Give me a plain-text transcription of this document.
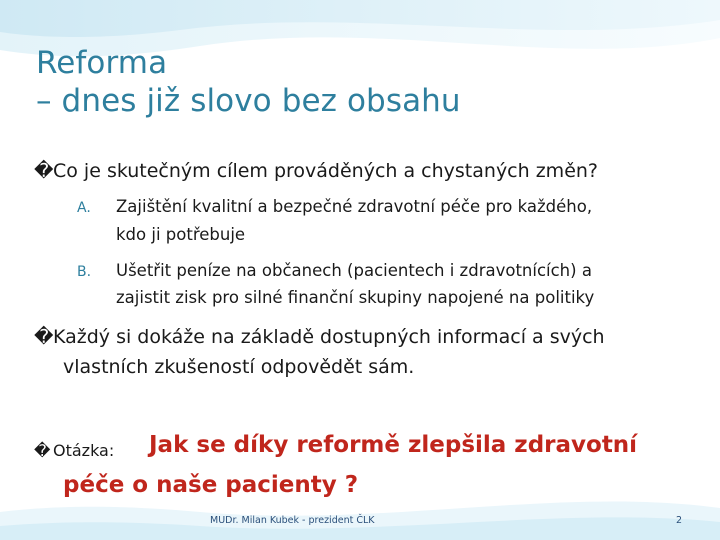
Reforma
– dnes již slovo bez obsahu
� Co je skutečným cílem prováděných a chystaných změn?
A. Zajištění kvalitní a bezpečné zdravotní péče pro každého,
kdo ji potřebuje
B. Ušetřit peníze na občanech (pacientech i zdravotnících) a
zajistit zisk pro silné finanční skupiny napojené na politiky
� Každý si dokáže na základě dostupných informací a svých
vlastních zkušeností odpovědět sám.
� Otázka: Jak se díky reformě zlepšila zdravotní
péče o naše pacienty ?
MUDr. Milan Kubek - prezident ČLK	2
